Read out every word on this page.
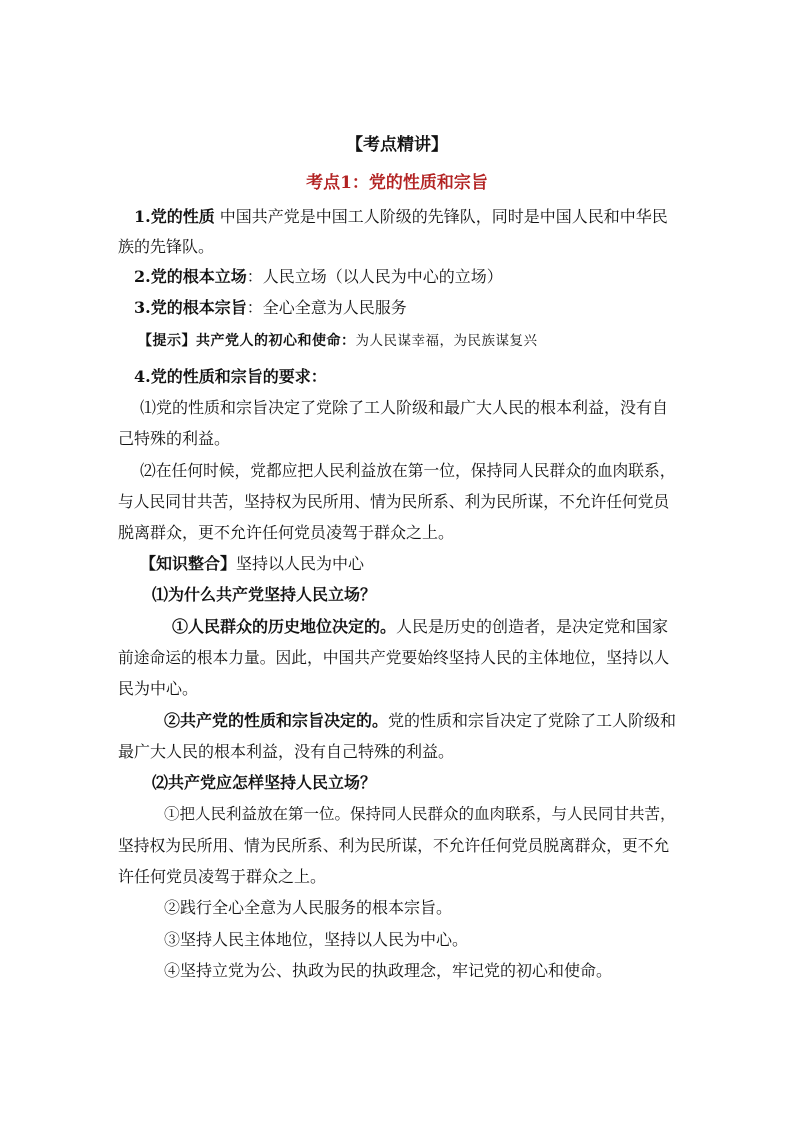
【考点精讲】
考点1：党的性质和宗旨
1.党的性质 中国共产党是中国工人阶级的先锋队，同时是中国人民和中华民
族的先锋队。
2.党的根本立场：人民立场（以人民为中心的立场）
3.党的根本宗旨：全心全意为人民服务
【提示】共产党人的初心和使命：为人民谋幸福，为民族谋复兴
4.党的性质和宗旨的要求：
⑴党的性质和宗旨决定了党除了工人阶级和最广大人民的根本利益，没有自
己特殊的利益。
⑵在任何时候，党都应把人民利益放在第一位，保持同人民群众的血肉联系，
与人民同甘共苦，坚持权为民所用、情为民所系、利为民所谋，不允许任何党员
脱离群众，更不允许任何党员凌驾于群众之上。
【知识整合】坚持以人民为中心
⑴为什么共产党坚持人民立场？
①人民群众的历史地位决定的。人民是历史的创造者，是决定党和国家
前途命运的根本力量。因此，中国共产党要始终坚持人民的主体地位，坚持以人
民为中心。
②共产党的性质和宗旨决定的。党的性质和宗旨决定了党除了工人阶级和
最广大人民的根本利益，没有自己特殊的利益。
⑵共产党应怎样坚持人民立场？
①把人民利益放在第一位。保持同人民群众的血肉联系，与人民同甘共苦，
坚持权为民所用、情为民所系、利为民所谋，不允许任何党员脱离群众，更不允
许任何党员凌驾于群众之上。
②践行全心全意为人民服务的根本宗旨。
③坚持人民主体地位，坚持以人民为中心。
④坚持立党为公、执政为民的执政理念，牢记党的初心和使命。
